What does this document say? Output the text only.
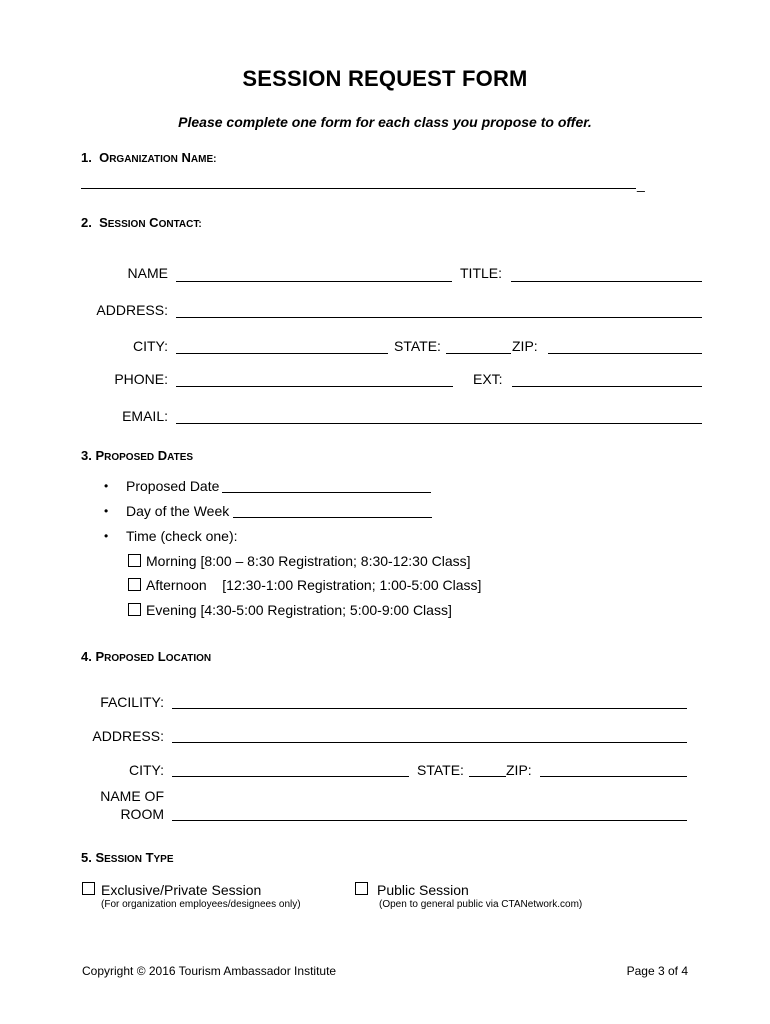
SESSION REQUEST FORM
Please complete one form for each class you propose to offer.
1. ORGANIZATION NAME:
_
2. SESSION CONTACT:
NAME	TITLE:
ADDRESS:
CITY:	STATE:	ZIP:
PHONE:	EXT:
EMAIL:
3. PROPOSED DATES
• Proposed Date
• Day of the Week
• Time (check one):
Morning [8:00 – 8:30 Registration; 8:30-12:30 Class]
Afternoon    [12:30-1:00 Registration; 1:00-5:00 Class]
Evening [4:30-5:00 Registration; 5:00-9:00 Class]
4. PROPOSED LOCATION
FACILITY:
ADDRESS:
CITY:	STATE:	ZIP:
NAME OF
ROOM
5. SESSION TYPE
Exclusive/Private Session
(For organization employees/designees only)
Public Session
(Open to general public via CTANetwork.com)
Copyright © 2016 Tourism Ambassador Institute	Page 3 of 4
